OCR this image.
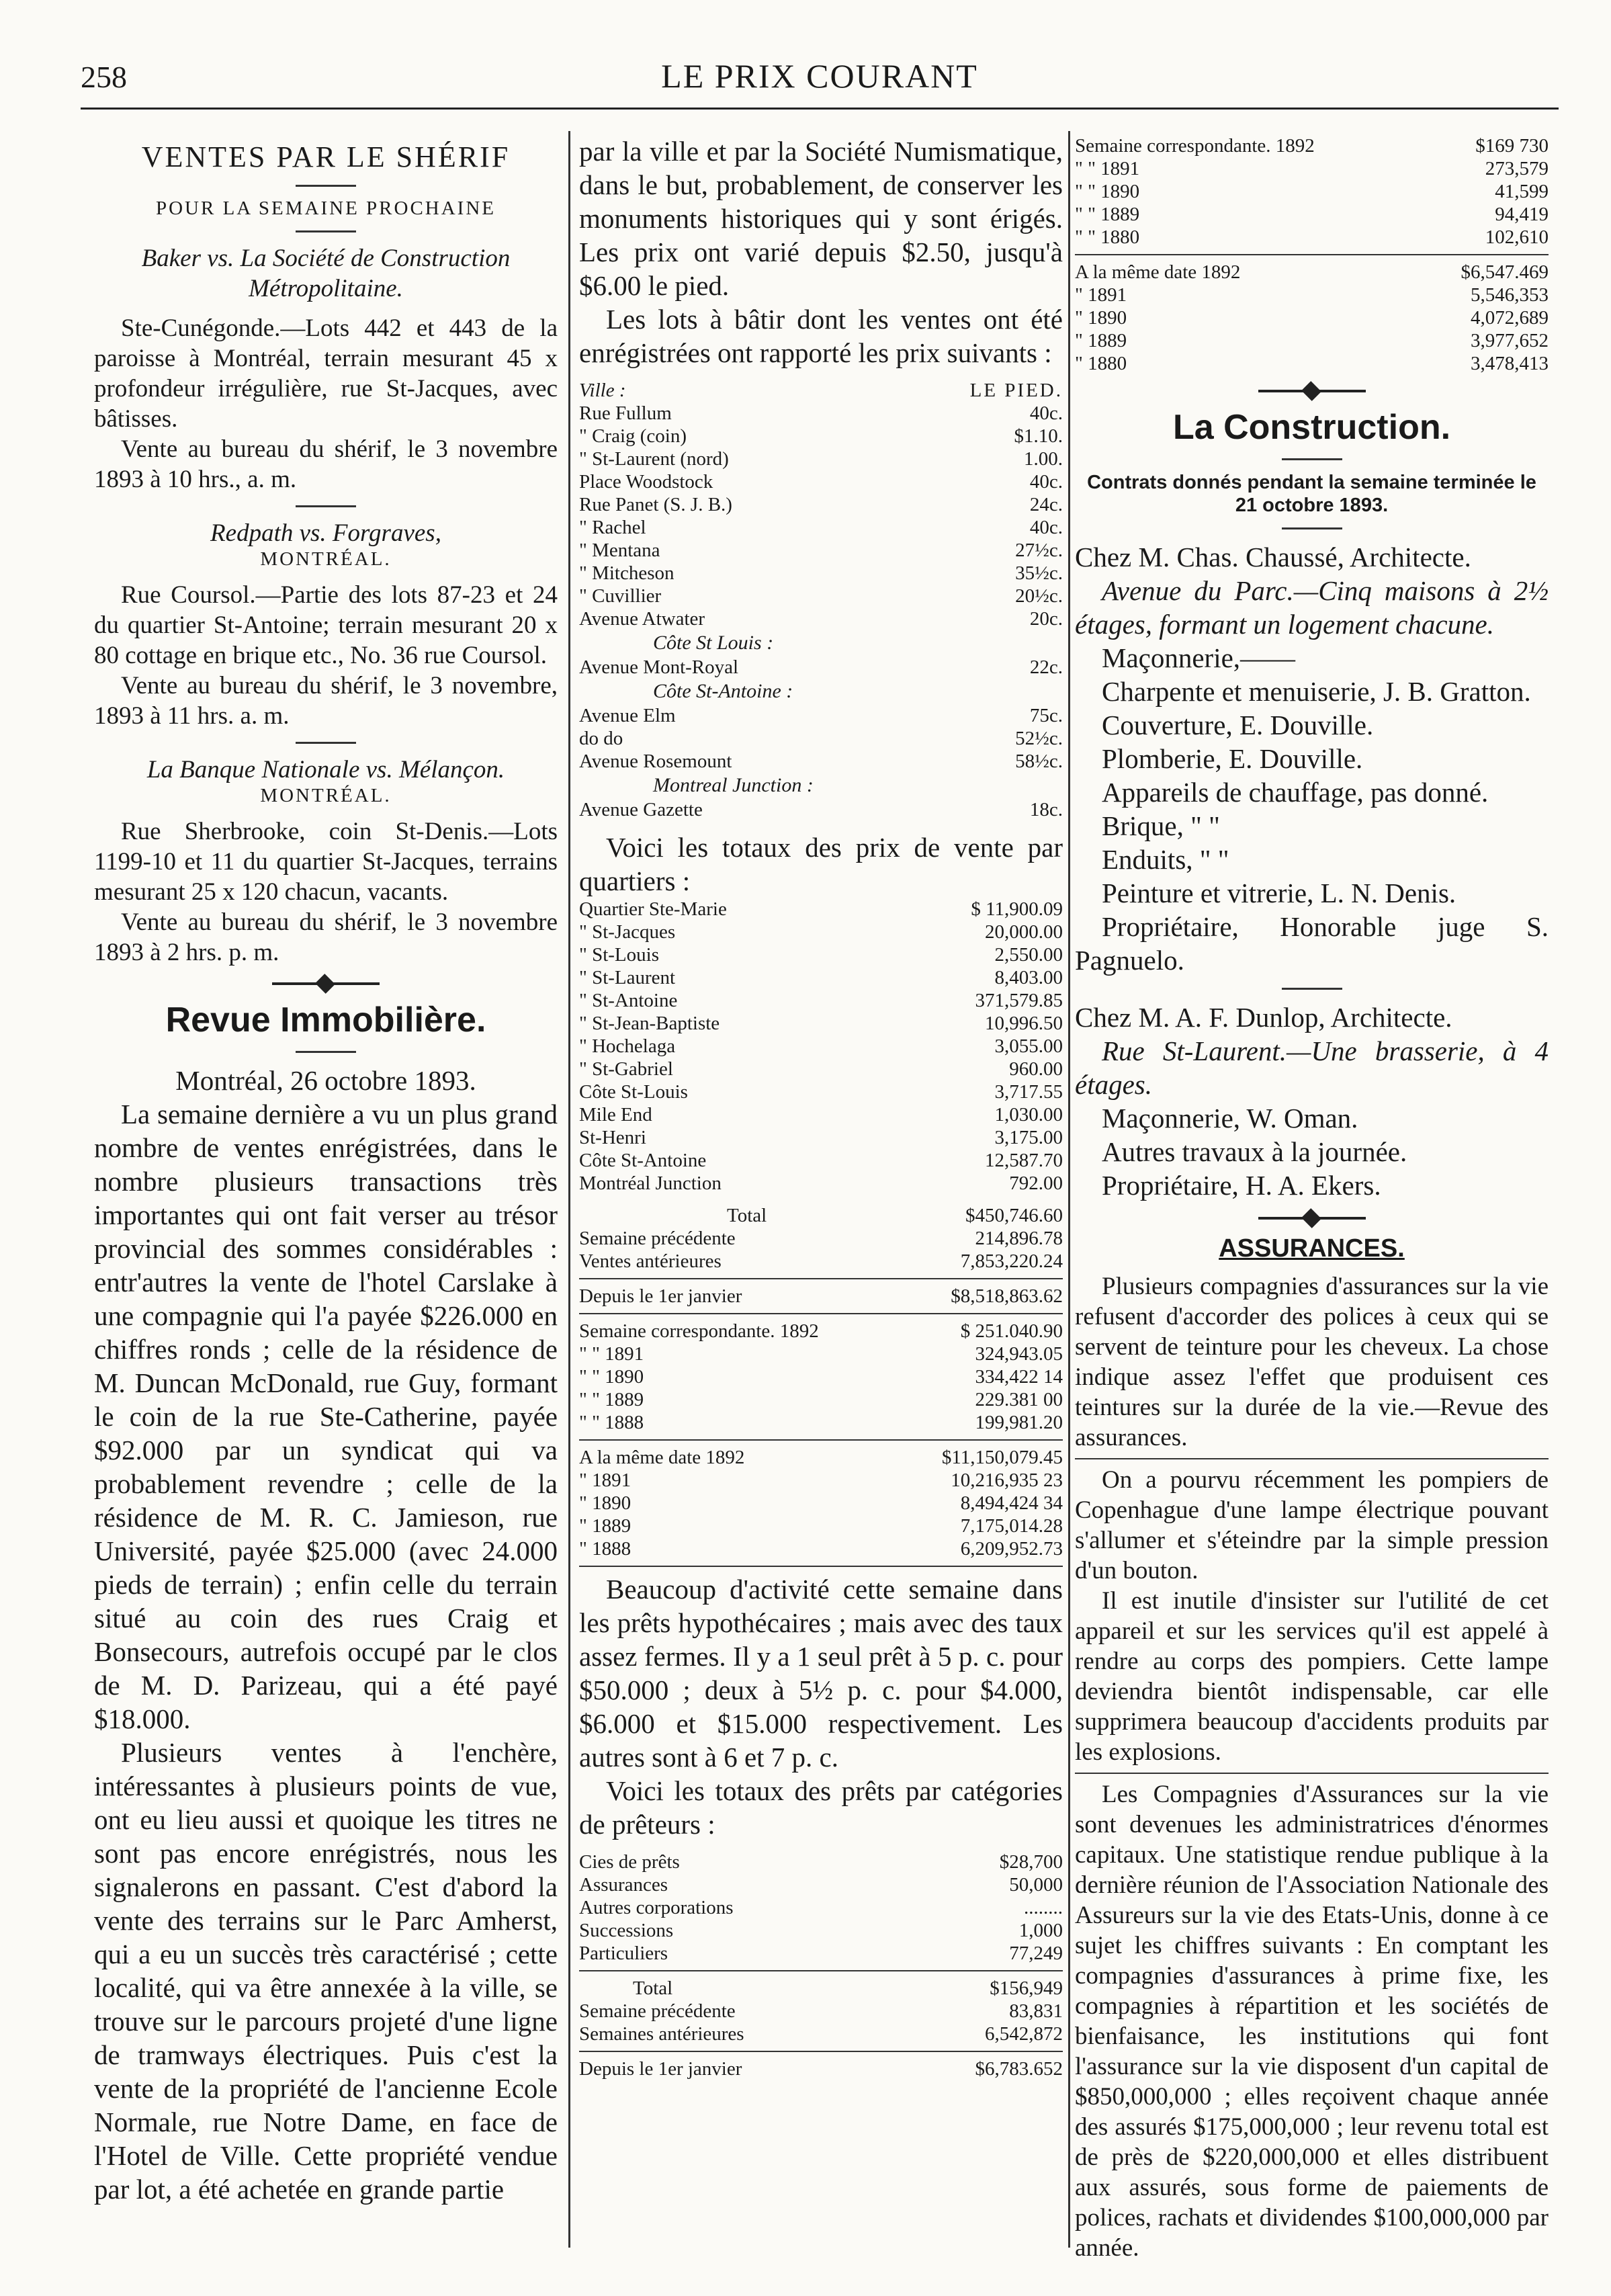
258	LE PRIX COURANT
VENTES PAR LE SHÉRIF
POUR LA SEMAINE PROCHAINE

Baker vs. La Société de Construction Métropolitaine.

Ste-Cunégonde.—Lots 442 et 443 de la paroisse à Montréal, terrain mesurant 45 x profondeur irrégulière, rue St-Jacques, avec bâtisses.

Vente au bureau du shérif, le 3 novembre 1893 à 10 hrs., a. m.

Redpath vs. Forgraves,

MONTRÉAL.

Rue Coursol.—Partie des lots 87-23 et 24 du quartier St-Antoine; terrain mesurant 20 x 80 cottage en brique etc., No. 36 rue Coursol.

Vente au bureau du shérif, le 3 novembre, 1893 à 11 hrs. a. m.

La Banque Nationale vs. Mélançon.

MONTRÉAL.

Rue Sherbrooke, coin St-Denis.—Lots 1199-10 et 11 du quartier St-Jacques, terrains mesurant 25 x 120 chacun, vacants.

Vente au bureau du shérif, le 3 novembre 1893 à 2 hrs. p. m.

Revue Immobilière.

Montréal, 26 octobre 1893.

La semaine dernière a vu un plus grand nombre de ventes enrégistrées, dans le nombre plusieurs transactions très importantes qui ont fait verser au trésor provincial des sommes considérables : entr'autres la vente de l'hotel Carslake à une compagnie qui l'a payée $226.000 en chiffres ronds ; celle de la résidence de M. Duncan McDonald, rue Guy, formant le coin de la rue Ste-Catherine, payée $92.000 par un syndicat qui va probablement revendre ; celle de la résidence de M. R. C. Jamieson, rue Université, payée $25.000 (avec 24.000 pieds de terrain) ; enfin celle du terrain situé au coin des rues Craig et Bonsecours, autrefois occupé par le clos de M. D. Parizeau, qui a été payé $18.000.

Plusieurs ventes à l'enchère, intéressantes à plusieurs points de vue, ont eu lieu aussi et quoique les titres ne sont pas encore enrégistrés, nous les signalerons en passant. C'est d'abord la vente des terrains sur le Parc Amherst, qui a eu un succès très caractérisé ; cette localité, qui va être annexée à la ville, se trouve sur le parcours projeté d'une ligne de tramways électriques. Puis c'est la vente de la propriété de l'ancienne Ecole Normale, rue Notre Dame, en face de l'Hotel de Ville. Cette propriété vendue par lot, a été achetée en grande partie

par la ville et par la Société Numismatique, dans le but, probablement, de conserver les monuments historiques qui y sont érigés. Les prix ont varié depuis $2.50, jusqu'à $6.00 le pied.

Les lots à bâtir dont les ventes ont été enrégistrées ont rapporté les prix suivants :

Ville :	LE PIED.
Rue Fullum	40c.
" Craig (coin)	$1.10.
" St-Laurent (nord)	1.00.
Place Woodstock	40c.
Rue Panet (S. J. B.)	24c.
" Rachel	40c.
" Mentana	27½c.
" Mitcheson	35½c.
" Cuvillier	20½c.
Avenue Atwater	20c.
Côte St Louis :
Avenue Mont-Royal	22c.
Côte St-Antoine :
Avenue Elm	75c.
do do	52½c.
Avenue Rosemount	58½c.
Montreal Junction :
Avenue Gazette	18c.

Voici les totaux des prix de vente par quartiers :

Quartier Ste-Marie	$ 11,900.09
" St-Jacques	20,000.00
" St-Louis	2,550.00
" St-Laurent	8,403.00
" St-Antoine	371,579.85
" St-Jean-Baptiste	10,996.50
" Hochelaga	3,055.00
" St-Gabriel	960.00
Côte St-Louis	3,717.55
Mile End	1,030.00
St-Henri	3,175.00
Côte St-Antoine	12,587.70
Montréal Junction	792.00
Total	$450,746.60
Semaine précédente	214,896.78
Ventes antérieures	7,853,220.24
Depuis le 1er janvier	$8,518,863.62
Semaine correspondante. 1892	$ 251.040.90
" " 1891	324,943.05
" " 1890	334,422 14
" " 1889	229.381 00
" " 1888	199,981.20
A la même date 1892	$11,150,079.45
" 1891	10,216,935 23
" 1890	8,494,424 34
" 1889	7,175,014.28
" 1888	6,209,952.73

Beaucoup d'activité cette semaine dans les prêts hypothécaires ; mais avec des taux assez fermes. Il y a 1 seul prêt à 5 p. c. pour $50.000 ; deux à 5½ p. c. pour $4.000, $6.000 et $15.000 respectivement. Les autres sont à 6 et 7 p. c.

Voici les totaux des prêts par catégories de prêteurs :

Cies de prêts	$28,700
Assurances	50,000
Autres corporations	........
Successions	1,000
Particuliers	77,249
Total	$156,949
Semaine précédente	83,831
Semaines antérieures	6,542,872
Depuis le 1er janvier	$6,783.652
Semaine correspondante. 1892	$169 730
" " 1891	273,579
" " 1890	41,599
" " 1889	94,419
" " 1880	102,610
A la même date 1892	$6,547.469
" 1891	5,546,353
" 1890	4,072,689
" 1889	3,977,652
" 1880	3,478,413
La Construction.

Contrats donnés pendant la semaine terminée le 21 octobre 1893.

Chez M. Chas. Chaussé, Architecte.

Avenue du Parc.—Cinq maisons à 2½ étages, formant un logement chacune.

Maçonnerie,——

Charpente et menuiserie, J. B. Gratton.

Couverture, E. Douville.

Plomberie, E. Douville.

Appareils de chauffage, pas donné.

Brique, " "

Enduits, " "

Peinture et vitrerie, L. N. Denis.

Propriétaire, Honorable juge S. Pagnuelo.

Chez M. A. F. Dunlop, Architecte.

Rue St-Laurent.—Une brasserie, à 4 étages.

Maçonnerie, W. Oman.

Autres travaux à la journée.

Propriétaire, H. A. Ekers.

ASSURANCES.

Plusieurs compagnies d'assurances sur la vie refusent d'accorder des polices à ceux qui se servent de teinture pour les cheveux. La chose indique assez l'effet que produisent ces teintures sur la durée de la vie.—Revue des assurances.

On a pourvu récemment les pompiers de Copenhague d'une lampe électrique pouvant s'allumer et s'éteindre par la simple pression d'un bouton.

Il est inutile d'insister sur l'utilité de cet appareil et sur les services qu'il est appelé à rendre au corps des pompiers. Cette lampe deviendra bientôt indispensable, car elle supprimera beaucoup d'accidents produits par les explosions.

Les Compagnies d'Assurances sur la vie sont devenues les administratrices d'énormes capitaux. Une statistique rendue publique à la dernière réunion de l'Association Nationale des Assureurs sur la vie des Etats-Unis, donne à ce sujet les chiffres suivants : En comptant les compagnies d'assurances à prime fixe, les compagnies à répartition et les sociétés de bienfaisance, les institutions qui font l'assurance sur la vie disposent d'un capital de $850,000,000 ; elles reçoivent chaque année des assurés $175,000,000 ; leur revenu total est de près de $220,000,000 et elles distribuent aux assurés, sous forme de paiements de polices, rachats et dividendes $100,000,000 par année.
